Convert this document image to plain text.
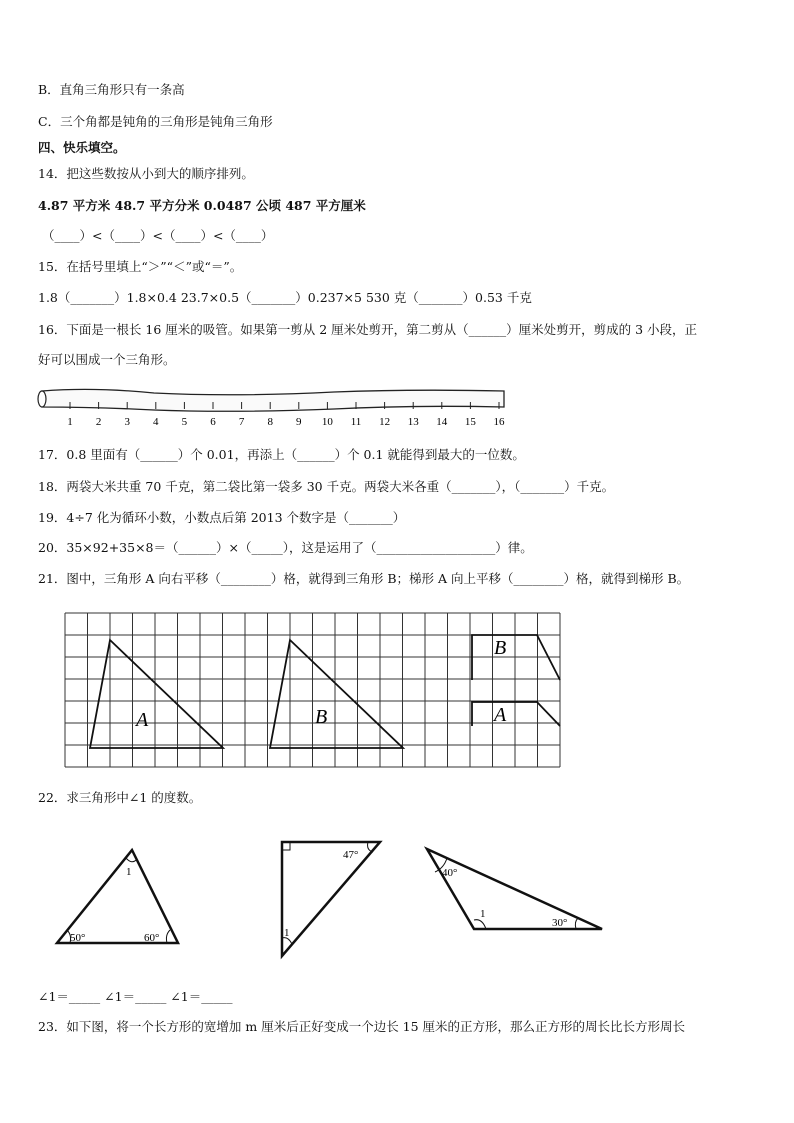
B．直角三角形只有一条高
C．三个角都是钝角的三角形是钝角三角形
四、快乐填空。
14．把这些数按从小到大的顺序排列。
4.87 平方米 48.7 平方分米 0.0487 公顷 487 平方厘米
（____）<（____）<（____）<（____）
15．在括号里填上“＞”“＜”或“＝”。
1.8（_______）1.8×0.4 23.7×0.5（_______）0.237×5 530 克（_______）0.53 千克
16．下面是一根长 16 厘米的吸管。如果第一剪从 2 厘米处剪开，第二剪从（______）厘米处剪开，剪成的 3 小段，正
好可以围成一个三角形。
1 2 3 4 5 6 7 8 9 10 11 12 13 14 15 16
17．0.8 里面有（______）个 0.01，再添上（______）个 0.1 就能得到最大的一位数。
18．两袋大米共重 70 千克，第二袋比第一袋多 30 千克。两袋大米各重（_______），（_______）千克。
19．4÷7 化为循环小数，小数点后第 2013 个数字是（_______）
20．35×92+35×8＝（______）×（_____），这是运用了（___________________）律。
21．图中，三角形 A 向右平移（________）格，就得到三角形 B；梯形 A 向上平移（________）格，就得到梯形 B。
A	B
B
A
22．求三角形中∠1 的度数。
1
50°	60°
47°
1
40°
1
30°
∠1＝_____ ∠1＝_____ ∠1＝_____
23．如下图，将一个长方形的宽增加 m 厘米后正好变成一个边长 15 厘米的正方形，那么正方形的周长比长方形周长
